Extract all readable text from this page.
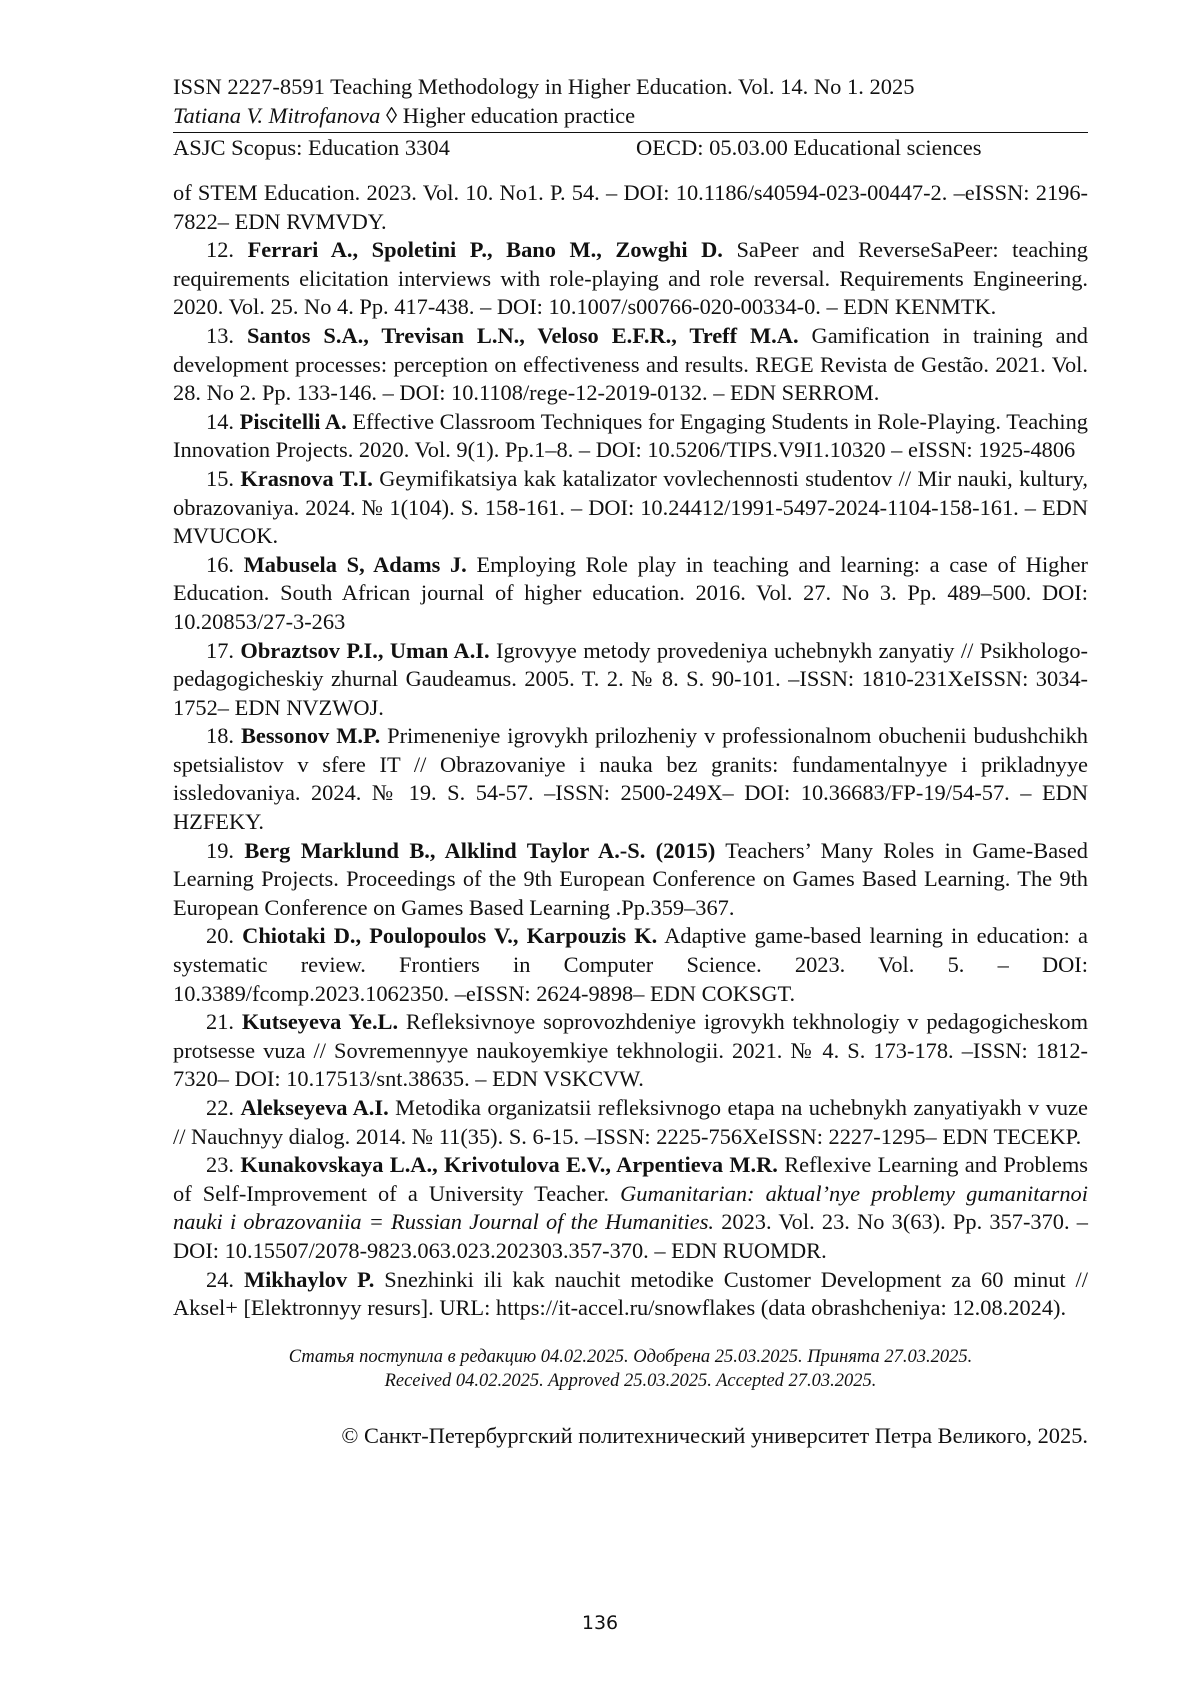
ISSN 2227-8591 Teaching Methodology in Higher Education. Vol. 14. No 1. 2025
Tatiana V. Mitrofanova ◊ Higher education practice
ASJC Scopus: Education 3304	OECD: 05.03.00 Educational sciences

of STEM Education. 2023. Vol. 10. No1. P. 54. – DOI: 10.1186/s40594-023-00447-2. –eISSN: 2196-7822– EDN RVMVDY.

12. Ferrari A., Spoletini P., Bano M., Zowghi D. SaPeer and ReverseSaPeer: teaching requirements elicitation interviews with role-playing and role reversal. Requirements Engineering. 2020. Vol. 25. No 4. Pp. 417-438. – DOI: 10.1007/s00766-020-00334-0. – EDN KENMTK.

13. Santos S.A., Trevisan L.N., Veloso E.F.R., Treff M.A. Gamification in training and development processes: perception on effectiveness and results. REGE Revista de Gestão. 2021. Vol. 28. No 2. Pp. 133-146. – DOI: 10.1108/rege-12-2019-0132. – EDN SERROM.

14. Piscitelli A. Effective Classroom Techniques for Engaging Students in Role-Playing. Teaching Innovation Projects. 2020. Vol. 9(1). Pp.1–8. – DOI: 10.5206/TIPS.V9I1.10320 – eISSN: 1925-4806

15. Krasnova T.I. Geymifikatsiya kak katalizator vovlechennosti studentov // Mir nauki, kultury, obrazovaniya. 2024. № 1(104). S. 158-161. – DOI: 10.24412/1991-5497-2024-1104-158-161. – EDN MVUCOK.

16. Mabusela S, Adams J. Employing Role play in teaching and learning: a case of Higher Education. South African journal of higher education. 2016. Vol. 27. No 3. Pp. 489–500. DOI: 10.20853/27-3-263

17. Obraztsov P.I., Uman A.I. Igrovyye metody provedeniya uchebnykh zanyatiy // Psikhologo-pedagogicheskiy zhurnal Gaudeamus. 2005. T. 2. № 8. S. 90-101. –ISSN: 1810-231XeISSN: 3034-1752– EDN NVZWOJ.

18. Bessonov M.P. Primeneniye igrovykh prilozheniy v professionalnom obuchenii budushchikh spetsialistov v sfere IT // Obrazovaniye i nauka bez granits: fundamentalnyye i prikladnyye issledovaniya. 2024. № 19. S. 54-57. –ISSN: 2500-249X– DOI: 10.36683/FP-19/54-57. – EDN HZFEKY.

19. Berg Marklund B., Alklind Taylor A.-S. (2015) Teachers’ Many Roles in Game-Based Learning Projects. Proceedings of the 9th European Conference on Games Based Learning. The 9th European Conference on Games Based Learning .Pp.359–367.

20. Chiotaki D., Poulopoulos V., Karpouzis K. Adaptive game-based learning in education: a systematic review. Frontiers in Computer Science. 2023. Vol. 5. – DOI: 10.3389/fcomp.2023.1062350. –eISSN: 2624-9898– EDN COKSGT.

21. Kutseyeva Ye.L. Refleksivnoye soprovozhdeniye igrovykh tekhnologiy v pedagogicheskom protsesse vuza // Sovremennyye naukoyemkiye tekhnologii. 2021. № 4. S. 173-178. –ISSN: 1812-7320– DOI: 10.17513/snt.38635. – EDN VSKCVW.

22. Alekseyeva A.I. Metodika organizatsii refleksivnogo etapa na uchebnykh zanyatiyakh v vuze // Nauchnyy dialog. 2014. № 11(35). S. 6-15. –ISSN: 2225-756XeISSN: 2227-1295– EDN TECEKP.

23. Kunakovskaya L.A., Krivotulova E.V., Arpentieva M.R. Reflexive Learning and Problems of Self-Improvement of a University Teacher. Gumanitarian: aktual’nye problemy gumanitarnoi nauki i obrazovaniia = Russian Journal of the Humanities. 2023. Vol. 23. No 3(63). Pp. 357-370. – DOI: 10.15507/2078-9823.063.023.202303.357-370. – EDN RUOMDR.

24. Mikhaylov P. Snezhinki ili kak nauchit metodike Customer Development za 60 minut // Aksel+ [Elektronnyy resurs]. URL: https://it-accel.ru/snowflakes (data obrashcheniya: 12.08.2024).

Статья поступила в редакцию 04.02.2025. Одобрена 25.03.2025. Принята 27.03.2025.
Received 04.02.2025. Approved 25.03.2025. Accepted 27.03.2025.
© Санкт-Петербургский политехнический университет Петра Великого, 2025.
136
